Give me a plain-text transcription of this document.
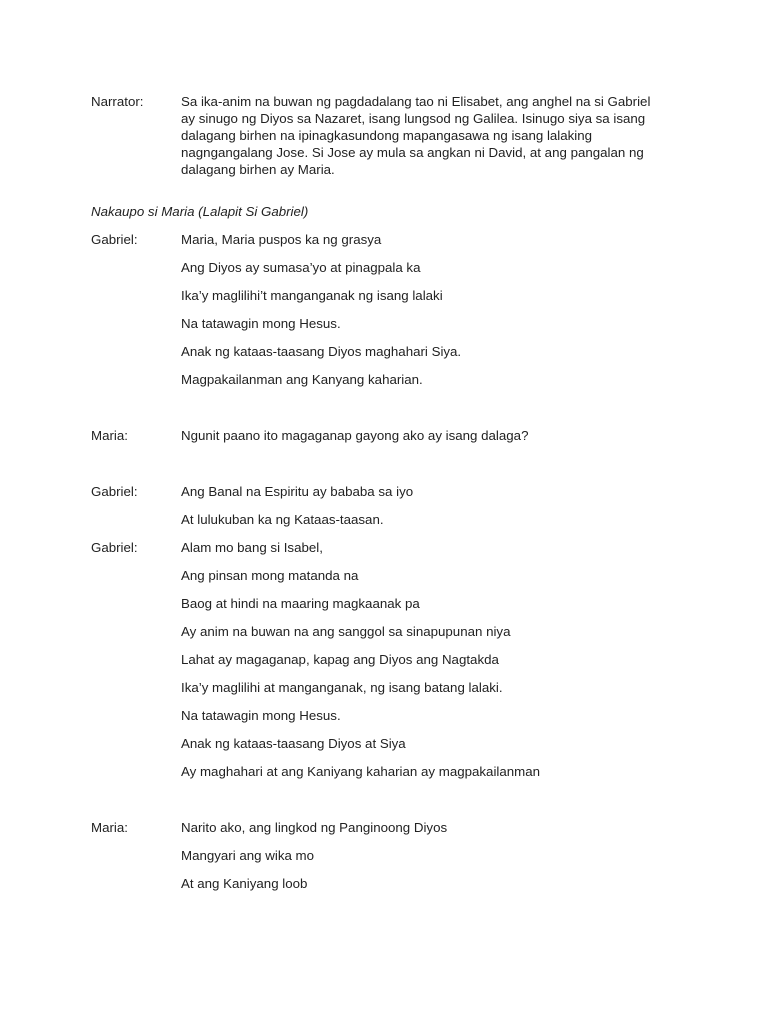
Narrator:	Sa ika-anim na buwan ng pagdadalang tao ni Elisabet, ang anghel na si Gabriel
ay sinugo ng Diyos sa Nazaret, isang lungsod ng Galilea. Isinugo siya sa isang
dalagang birhen na ipinagkasundong mapangasawa ng isang lalaking
nagngangalang Jose. Si Jose ay mula sa angkan ni David, at ang pangalan ng
dalagang birhen ay Maria.
Nakaupo si Maria (Lalapit Si Gabriel)
Gabriel:	Maria, Maria puspos ka ng grasya
Ang Diyos ay sumasa’yo at pinagpala ka
Ika’y maglilihi’t manganganak ng isang lalaki
Na tatawagin mong Hesus.
Anak ng kataas-taasang Diyos maghahari Siya.
Magpakailanman ang Kanyang kaharian.
Maria:	Ngunit paano ito magaganap gayong ako ay isang dalaga?
Gabriel:	Ang Banal na Espiritu ay bababa sa iyo
At lulukuban ka ng Kataas-taasan.
Gabriel:	Alam mo bang si Isabel,
Ang pinsan mong matanda na
Baog at hindi na maaring magkaanak pa
Ay anim na buwan na ang sanggol sa sinapupunan niya
Lahat ay magaganap, kapag ang Diyos ang Nagtakda
Ika’y maglilihi at manganganak, ng isang batang lalaki.
Na tatawagin mong Hesus.
Anak ng kataas-taasang Diyos at Siya
Ay maghahari at ang Kaniyang kaharian ay magpakailanman
Maria:	Narito ako, ang lingkod ng Panginoong Diyos
Mangyari ang wika mo
At ang Kaniyang loob
